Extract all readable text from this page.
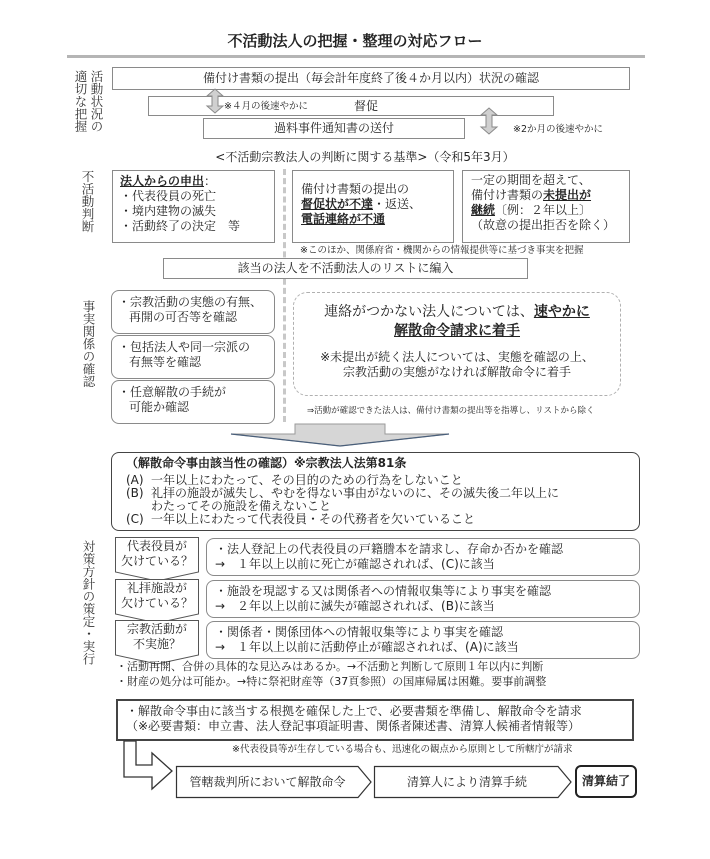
不活動法人の把握・整理の対応フロー
活動状況の
適切な把握	備付け書類の提出（毎会計年度終了後４か月以内）状況の確認
督促
※４月の後速やかに
過料事件通知書の送付	※2か月の後速やかに
<不活動宗教法人の判断に関する基準>（令和5年3月）
不活動判断 法人からの申出：
・代表役員の死亡
・境内建物の滅失
・活動終了の決定　等
備付け書類の提出の
督促状が不達・返送、
電話連絡が不通
一定の期間を超えて、
備付け書類の未提出が
継続〔例：２年以上〕
（故意の提出拒否を除く）
※このほか、関係府省・機関からの情報提供等に基づき事実を把握
該当の法人を不活動法人のリストに編入
事実関係の確認 ・宗教活動の実態の有無、
再開の可否等を確認
・包括法人や同一宗派の
有無等を確認
・任意解散の手続が
可能か確認
連絡がつかない法人については、速やかに
解散命令請求に着手
※未提出が続く法人については、実態を確認の上、
宗教活動の実態がなければ解散命令に着手
⇒活動が確認できた法人は、備付け書類の提出等を指導し、リストから除く
対策方針の策定・実行
（解散命令事由該当性の確認）※宗教法人法第81条
(A) 一年以上にわたって、その目的のための行為をしないこと
(B) 礼拝の施設が滅失し、やむを得ない事由がないのに、その滅失後二年以上に
わたってその施設を備えないこと
(C) 一年以上にわたって代表役員・その代務者を欠いていること
代表役員が
欠けている？
・法人登記上の代表役員の戸籍謄本を請求し、存命か否かを確認
→　１年以上以前に死亡が確認されれば、(C)に該当
礼拝施設が
欠けている？
・施設を現認する又は関係者への情報収集等により事実を確認
→　２年以上以前に滅失が確認されれば、(B)に該当
宗教活動が
不実施？
・関係者・関係団体への情報収集等により事実を確認
→　１年以上以前に活動停止が確認されれば、(A)に該当
・活動再開、合併の具体的な見込みはあるか。→不活動と判断して原則１年以内に判断
・財産の処分は可能か。→特に祭祀財産等（37頁参照）の国庫帰属は困難。要事前調整
・解散命令事由に該当する根拠を確保した上で、必要書類を準備し、解散命令を請求
（※必要書類：申立書、法人登記事項証明書、関係者陳述書、清算人候補者情報等）
※代表役員等が生存している場合も、迅速化の観点から原則として所轄庁が請求
管轄裁判所において解散命令	清算人により清算手続	清算結了
